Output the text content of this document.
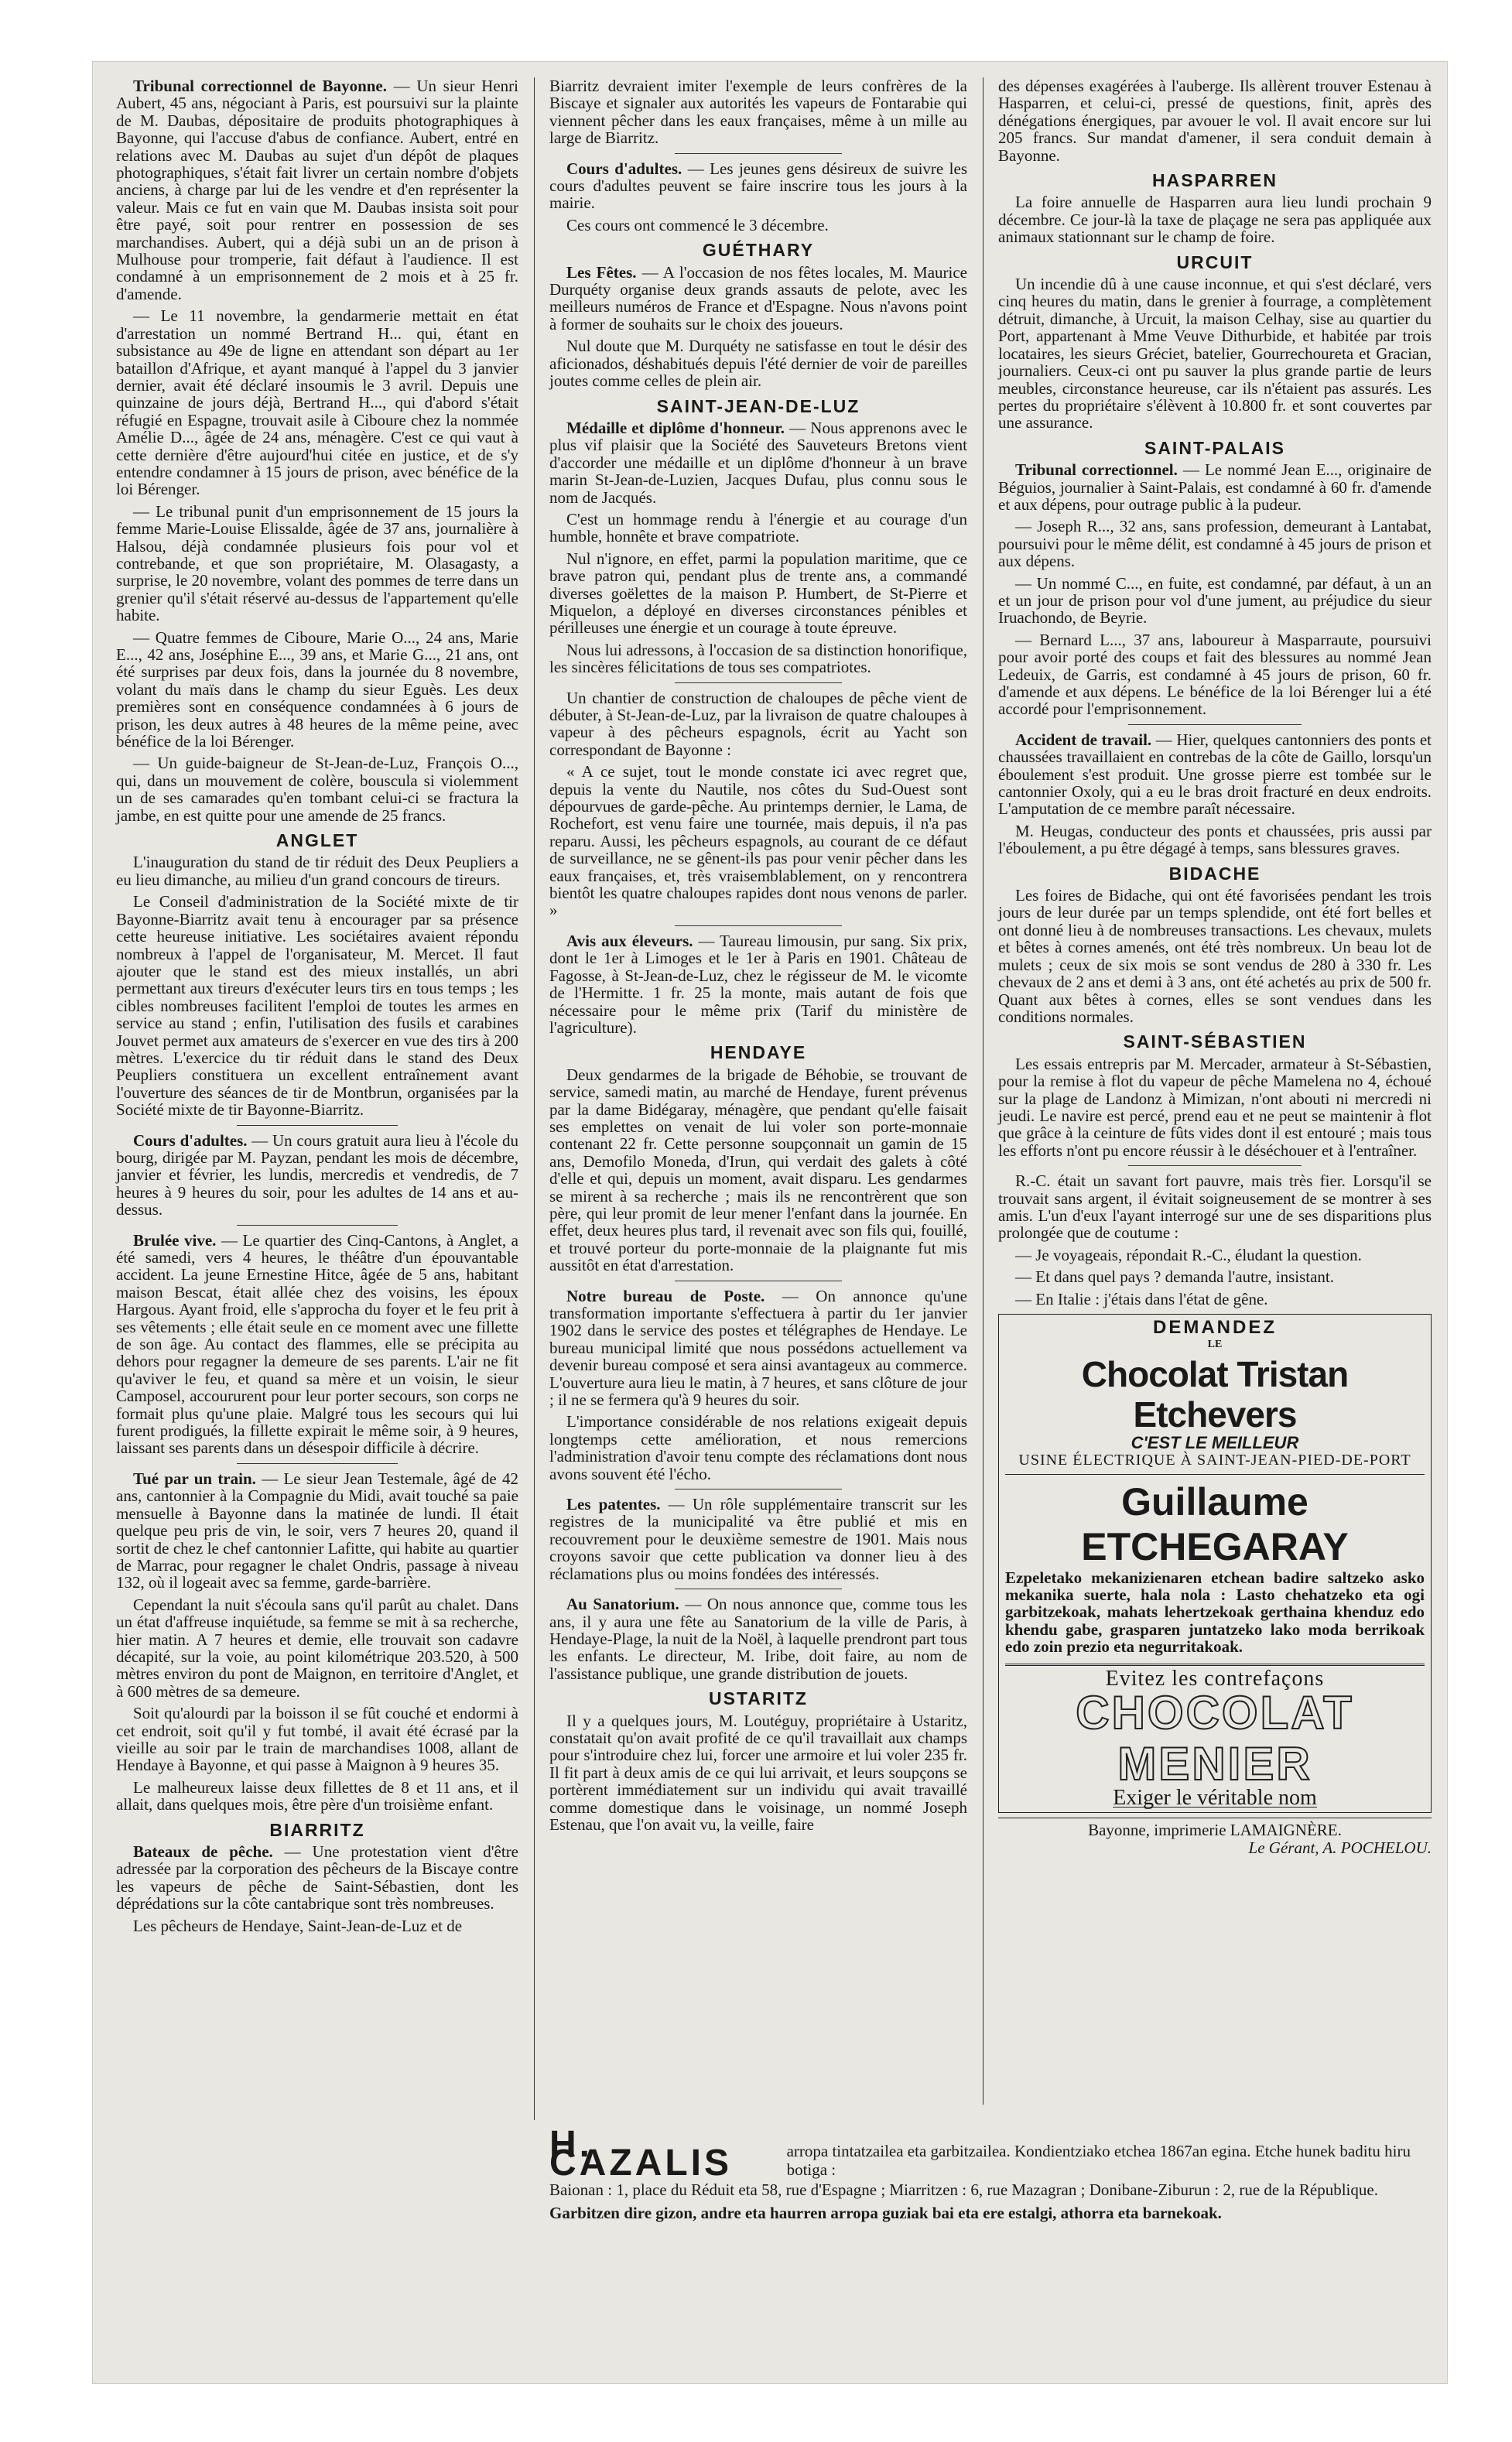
Tribunal correctionnel de Bayonne. — Un sieur Henri Aubert, 45 ans, négociant à Paris, est poursuivi sur la plainte de M. Daubas, dépositaire de produits photographiques à Bayonne, qui l'accuse d'abus de confiance. Aubert, entré en relations avec M. Daubas au sujet d'un dépôt de plaques photographiques, s'était fait livrer un certain nombre d'objets anciens, à charge par lui de les vendre et d'en représenter la valeur. Mais ce fut en vain que M. Daubas insista soit pour être payé, soit pour rentrer en possession de ses marchandises. Aubert, qui a déjà subi un an de prison à Mulhouse pour tromperie, fait défaut à l'audience. Il est condamné à un emprisonnement de 2 mois et à 25 fr. d'amende.

— Le 11 novembre, la gendarmerie mettait en état d'arrestation un nommé Bertrand H... qui, étant en subsistance au 49e de ligne en attendant son départ au 1er bataillon d'Afrique, et ayant manqué à l'appel du 3 janvier dernier, avait été déclaré insoumis le 3 avril. Depuis une quinzaine de jours déjà, Bertrand H..., qui d'abord s'était réfugié en Espagne, trouvait asile à Ciboure chez la nommée Amélie D..., âgée de 24 ans, ménagère. C'est ce qui vaut à cette dernière d'être aujourd'hui citée en justice, et de s'y entendre condamner à 15 jours de prison, avec bénéfice de la loi Bérenger.

— Le tribunal punit d'un emprisonnement de 15 jours la femme Marie-Louise Elissalde, âgée de 37 ans, journalière à Halsou, déjà condamnée plusieurs fois pour vol et contrebande, et que son propriétaire, M. Olasagasty, a surprise, le 20 novembre, volant des pommes de terre dans un grenier qu'il s'était réservé au-dessus de l'appartement qu'elle habite.

— Quatre femmes de Ciboure, Marie O..., 24 ans, Marie E..., 42 ans, Joséphine E..., 39 ans, et Marie G..., 21 ans, ont été surprises par deux fois, dans la journée du 8 novembre, volant du maïs dans le champ du sieur Eguès. Les deux premières sont en conséquence condamnées à 6 jours de prison, les deux autres à 48 heures de la même peine, avec bénéfice de la loi Bérenger.

— Un guide-baigneur de St-Jean-de-Luz, François O..., qui, dans un mouvement de colère, bouscula si violemment un de ses camarades qu'en tombant celui-ci se fractura la jambe, en est quitte pour une amende de 25 francs.

ANGLET

L'inauguration du stand de tir réduit des Deux Peupliers a eu lieu dimanche, au milieu d'un grand concours de tireurs.

Le Conseil d'administration de la Société mixte de tir Bayonne-Biarritz avait tenu à encourager par sa présence cette heureuse initiative. Les sociétaires avaient répondu nombreux à l'appel de l'organisateur, M. Mercet. Il faut ajouter que le stand est des mieux installés, un abri permettant aux tireurs d'exécuter leurs tirs en tous temps ; les cibles nombreuses facilitent l'emploi de toutes les armes en service au stand ; enfin, l'utilisation des fusils et carabines Jouvet permet aux amateurs de s'exercer en vue des tirs à 200 mètres. L'exercice du tir réduit dans le stand des Deux Peupliers constituera un excellent entraînement avant l'ouverture des séances de tir de Montbrun, organisées par la Société mixte de tir Bayonne-Biarritz.

Cours d'adultes. — Un cours gratuit aura lieu à l'école du bourg, dirigée par M. Payzan, pendant les mois de décembre, janvier et février, les lundis, mercredis et vendredis, de 7 heures à 9 heures du soir, pour les adultes de 14 ans et au-dessus.

Brulée vive. — Le quartier des Cinq-Cantons, à Anglet, a été samedi, vers 4 heures, le théâtre d'un épouvantable accident. La jeune Ernestine Hitce, âgée de 5 ans, habitant maison Bescat, était allée chez des voisins, les époux Hargous. Ayant froid, elle s'approcha du foyer et le feu prit à ses vêtements ; elle était seule en ce moment avec une fillette de son âge. Au contact des flammes, elle se précipita au dehors pour regagner la demeure de ses parents. L'air ne fit qu'aviver le feu, et quand sa mère et un voisin, le sieur Camposel, accoururent pour leur porter secours, son corps ne formait plus qu'une plaie. Malgré tous les secours qui lui furent prodigués, la fillette expirait le même soir, à 9 heures, laissant ses parents dans un désespoir difficile à décrire.

Tué par un train. — Le sieur Jean Testemale, âgé de 42 ans, cantonnier à la Compagnie du Midi, avait touché sa paie mensuelle à Bayonne dans la matinée de lundi. Il était quelque peu pris de vin, le soir, vers 7 heures 20, quand il sortit de chez le chef cantonnier Lafitte, qui habite au quartier de Marrac, pour regagner le chalet Ondris, passage à niveau 132, où il logeait avec sa femme, garde-barrière.

Cependant la nuit s'écoula sans qu'il parût au chalet. Dans un état d'affreuse inquiétude, sa femme se mit à sa recherche, hier matin. A 7 heures et demie, elle trouvait son cadavre décapité, sur la voie, au point kilométrique 203.520, à 500 mètres environ du pont de Maignon, en territoire d'Anglet, et à 600 mètres de sa demeure.

Soit qu'alourdi par la boisson il se fût couché et endormi à cet endroit, soit qu'il y fut tombé, il avait été écrasé par la vieille au soir par le train de marchandises 1008, allant de Hendaye à Bayonne, et qui passe à Maignon à 9 heures 35.

Le malheureux laisse deux fillettes de 8 et 11 ans, et il allait, dans quelques mois, être père d'un troisième enfant.

BIARRITZ

Bateaux de pêche. — Une protestation vient d'être adressée par la corporation des pêcheurs de la Biscaye contre les vapeurs de pêche de Saint-Sébastien, dont les déprédations sur la côte cantabrique sont très nombreuses.

Les pêcheurs de Hendaye, Saint-Jean-de-Luz et de

Biarritz devraient imiter l'exemple de leurs confrères de la Biscaye et signaler aux autorités les vapeurs de Fontarabie qui viennent pêcher dans les eaux françaises, même à un mille au large de Biarritz.

Cours d'adultes. — Les jeunes gens désireux de suivre les cours d'adultes peuvent se faire inscrire tous les jours à la mairie.

Ces cours ont commencé le 3 décembre.

GUÉTHARY

Les Fêtes. — A l'occasion de nos fêtes locales, M. Maurice Durquéty organise deux grands assauts de pelote, avec les meilleurs numéros de France et d'Espagne. Nous n'avons point à former de souhaits sur le choix des joueurs.

Nul doute que M. Durquéty ne satisfasse en tout le désir des aficionados, déshabitués depuis l'été dernier de voir de pareilles joutes comme celles de plein air.

SAINT-JEAN-DE-LUZ

Médaille et diplôme d'honneur. — Nous apprenons avec le plus vif plaisir que la Société des Sauveteurs Bretons vient d'accorder une médaille et un diplôme d'honneur à un brave marin St-Jean-de-Luzien, Jacques Dufau, plus connu sous le nom de Jacqués.

C'est un hommage rendu à l'énergie et au courage d'un humble, honnête et brave compatriote.

Nul n'ignore, en effet, parmi la population maritime, que ce brave patron qui, pendant plus de trente ans, a commandé diverses goëlettes de la maison P. Humbert, de St-Pierre et Miquelon, a déployé en diverses circonstances pénibles et périlleuses une énergie et un courage à toute épreuve.

Nous lui adressons, à l'occasion de sa distinction honorifique, les sincères félicitations de tous ses compatriotes.

Un chantier de construction de chaloupes de pêche vient de débuter, à St-Jean-de-Luz, par la livraison de quatre chaloupes à vapeur à des pêcheurs espagnols, écrit au Yacht son correspondant de Bayonne :

« A ce sujet, tout le monde constate ici avec regret que, depuis la vente du Nautile, nos côtes du Sud-Ouest sont dépourvues de garde-pêche. Au printemps dernier, le Lama, de Rochefort, est venu faire une tournée, mais depuis, il n'a pas reparu. Aussi, les pêcheurs espagnols, au courant de ce défaut de surveillance, ne se gênent-ils pas pour venir pêcher dans les eaux françaises, et, très vraisemblablement, on y rencontrera bientôt les quatre chaloupes rapides dont nous venons de parler. »

Avis aux éleveurs. — Taureau limousin, pur sang. Six prix, dont le 1er à Limoges et le 1er à Paris en 1901. Château de Fagosse, à St-Jean-de-Luz, chez le régisseur de M. le vicomte de l'Hermitte. 1 fr. 25 la monte, mais autant de fois que nécessaire pour le même prix (Tarif du ministère de l'agriculture).

HENDAYE

Deux gendarmes de la brigade de Béhobie, se trouvant de service, samedi matin, au marché de Hendaye, furent prévenus par la dame Bidégaray, ménagère, que pendant qu'elle faisait ses emplettes on venait de lui voler son porte-monnaie contenant 22 fr. Cette personne soupçonnait un gamin de 15 ans, Demofilo Moneda, d'Irun, qui verdait des galets à côté d'elle et qui, depuis un moment, avait disparu. Les gendarmes se mirent à sa recherche ; mais ils ne rencontrèrent que son père, qui leur promit de leur mener l'enfant dans la journée. En effet, deux heures plus tard, il revenait avec son fils qui, fouillé, et trouvé porteur du porte-monnaie de la plaignante fut mis aussitôt en état d'arrestation.

Notre bureau de Poste. — On annonce qu'une transformation importante s'effectuera à partir du 1er janvier 1902 dans le service des postes et télégraphes de Hendaye. Le bureau municipal limité que nous possédons actuellement va devenir bureau composé et sera ainsi avantageux au commerce. L'ouverture aura lieu le matin, à 7 heures, et sans clôture de jour ; il ne se fermera qu'à 9 heures du soir.

L'importance considérable de nos relations exigeait depuis longtemps cette amélioration, et nous remercions l'administration d'avoir tenu compte des réclamations dont nous avons souvent été l'écho.

Les patentes. — Un rôle supplémentaire transcrit sur les registres de la municipalité va être publié et mis en recouvrement pour le deuxième semestre de 1901. Mais nous croyons savoir que cette publication va donner lieu à des réclamations plus ou moins fondées des intéressés.

Au Sanatorium. — On nous annonce que, comme tous les ans, il y aura une fête au Sanatorium de la ville de Paris, à Hendaye-Plage, la nuit de la Noël, à laquelle prendront part tous les enfants. Le directeur, M. Iribe, doit faire, au nom de l'assistance publique, une grande distribution de jouets.

USTARITZ

Il y a quelques jours, M. Loutéguy, propriétaire à Ustaritz, constatait qu'on avait profité de ce qu'il travaillait aux champs pour s'introduire chez lui, forcer une armoire et lui voler 235 fr. Il fit part à deux amis de ce qui lui arrivait, et leurs soupçons se portèrent immédiatement sur un individu qui avait travaillé comme domestique dans le voisinage, un nommé Joseph Estenau, que l'on avait vu, la veille, faire

des dépenses exagérées à l'auberge. Ils allèrent trouver Estenau à Hasparren, et celui-ci, pressé de questions, finit, après des dénégations énergiques, par avouer le vol. Il avait encore sur lui 205 francs. Sur mandat d'amener, il sera conduit demain à Bayonne.

HASPARREN

La foire annuelle de Hasparren aura lieu lundi prochain 9 décembre. Ce jour-là la taxe de plaçage ne sera pas appliquée aux animaux stationnant sur le champ de foire.

URCUIT

Un incendie dû à une cause inconnue, et qui s'est déclaré, vers cinq heures du matin, dans le grenier à fourrage, a complètement détruit, dimanche, à Urcuit, la maison Celhay, sise au quartier du Port, appartenant à Mme Veuve Dithurbide, et habitée par trois locataires, les sieurs Gréciet, batelier, Gourrechoureta et Gracian, journaliers. Ceux-ci ont pu sauver la plus grande partie de leurs meubles, circonstance heureuse, car ils n'étaient pas assurés. Les pertes du propriétaire s'élèvent à 10.800 fr. et sont couvertes par une assurance.

SAINT-PALAIS

Tribunal correctionnel. — Le nommé Jean E..., originaire de Béguios, journalier à Saint-Palais, est condamné à 60 fr. d'amende et aux dépens, pour outrage public à la pudeur.

— Joseph R..., 32 ans, sans profession, demeurant à Lantabat, poursuivi pour le même délit, est condamné à 45 jours de prison et aux dépens.

— Un nommé C..., en fuite, est condamné, par défaut, à un an et un jour de prison pour vol d'une jument, au préjudice du sieur Iruachondo, de Beyrie.

— Bernard L..., 37 ans, laboureur à Masparraute, poursuivi pour avoir porté des coups et fait des blessures au nommé Jean Ledeuix, de Garris, est condamné à 45 jours de prison, 60 fr. d'amende et aux dépens. Le bénéfice de la loi Bérenger lui a été accordé pour l'emprisonnement.

Accident de travail. — Hier, quelques cantonniers des ponts et chaussées travaillaient en contrebas de la côte de Gaillo, lorsqu'un éboulement s'est produit. Une grosse pierre est tombée sur le cantonnier Oxoly, qui a eu le bras droit fracturé en deux endroits. L'amputation de ce membre paraît nécessaire.

M. Heugas, conducteur des ponts et chaussées, pris aussi par l'éboulement, a pu être dégagé à temps, sans blessures graves.

BIDACHE

Les foires de Bidache, qui ont été favorisées pendant les trois jours de leur durée par un temps splendide, ont été fort belles et ont donné lieu à de nombreuses transactions. Les chevaux, mulets et bêtes à cornes amenés, ont été très nombreux. Un beau lot de mulets ; ceux de six mois se sont vendus de 280 à 330 fr. Les chevaux de 2 ans et demi à 3 ans, ont été achetés au prix de 500 fr. Quant aux bêtes à cornes, elles se sont vendues dans les conditions normales.

SAINT-SÉBASTIEN

Les essais entrepris par M. Mercader, armateur à St-Sébastien, pour la remise à flot du vapeur de pêche Mamelena no 4, échoué sur la plage de Landonz à Mimizan, n'ont abouti ni mercredi ni jeudi. Le navire est percé, prend eau et ne peut se maintenir à flot que grâce à la ceinture de fûts vides dont il est entouré ; mais tous les efforts n'ont pu encore réussir à le déséchouer et à l'entraîner.

R.-C. était un savant fort pauvre, mais très fier. Lorsqu'il se trouvait sans argent, il évitait soigneusement de se montrer à ses amis. L'un d'eux l'ayant interrogé sur une de ses disparitions plus prolongée que de coutume :

— Je voyageais, répondait R.-C., éludant la question.

— Et dans quel pays ? demanda l'autre, insistant.

— En Italie : j'étais dans l'état de gêne.

DEMANDEZ
LE
Chocolat Tristan Etchevers
C'EST LE MEILLEUR
USINE ÉLECTRIQUE À SAINT-JEAN-PIED-DE-PORT
Guillaume ETCHEGARAY
Ezpeletako mekanizienaren etchean badire saltzeko asko mekanika suerte, hala nola : Lasto chehatzeko eta ogi garbitzekoak, mahats lehertzekoak gerthaina khenduz edo khendu gabe, grasparen juntatzeko lako moda berrikoak edo zoin prezio eta negurritakoak.
Evitez les contrefaçons
CHOCOLAT
MENIER
Exiger le véritable nom
Bayonne, imprimerie LAMAIGNÈRE.
Le Gérant, A. POCHELOU.
H. CAZALIS	arropa tintatzailea eta garbitzailea. Kondientziako etchea 1867an egina. Etche hunek baditu hiru botiga :
Baionan : 1, place du Réduit eta 58, rue d'Espagne ; Miarritzen : 6, rue Mazagran ; Donibane-Ziburun : 2, rue de la République.
Garbitzen dire gizon, andre eta haurren arropa guziak bai eta ere estalgi, athorra eta barnekoak.
